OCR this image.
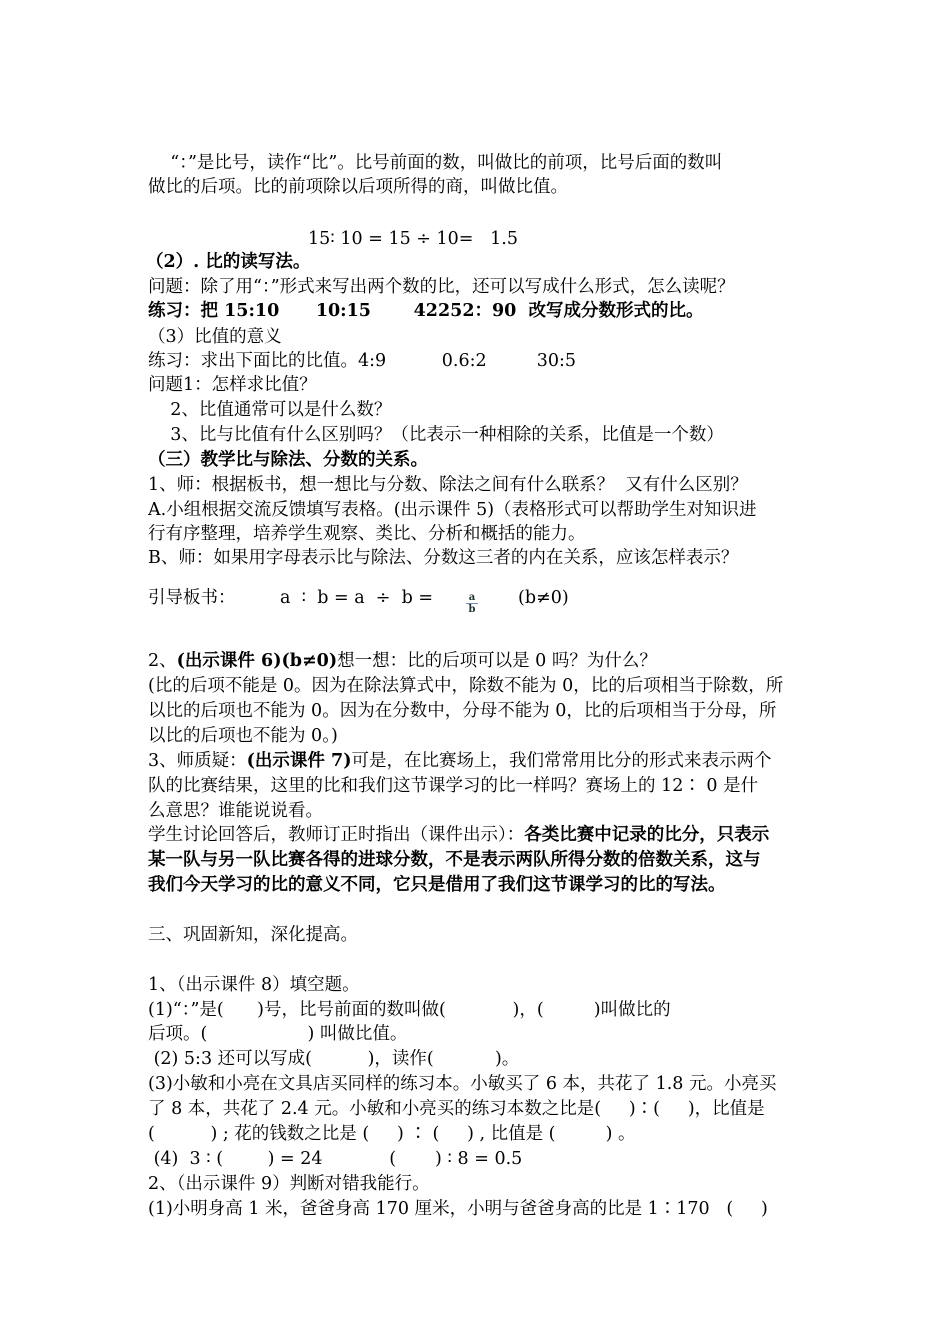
“：”是比号，读作“比”。比号前面的数，叫做比的前项，比号后面的数叫
做比的后项。比的前项除以后项所得的商，叫做比值。
15∶ 10 = 15 ÷ 10=   1.5
（2）. 比的读写法。
问题：除了用“：”形式来写出两个数的比，还可以写成什么形式，怎么读呢？
练习：把 15:10      10:15       42252：90  改写成分数形式的比。
（3）比值的意义
练习：求出下面比的比值。4:9          0.6:2         30:5
问题1：怎样求比值？
2、比值通常可以是什么数？
3、比与比值有什么区别吗？（比表示一种相除的关系，比值是一个数）
（三）教学比与除法、分数的关系。
1、师：根据板书，想一想比与分数、除法之间有什么联系？  又有什么区别？
A.小组根据交流反馈填写表格。(出示课件 5)（表格形式可以帮助学生对知识进
行有序整理，培养学生观察、类比、分析和概括的能力。
B、师：如果用字母表示比与除法、分数这三者的内在关系，应该怎样表示？
引导板书：        a  ∶  b = a  ÷  b =	$\frac{a}{b} (b\ne 0)$
2、(出示课件 6)(b≠0)想一想：比的后项可以是 0 吗？为什么？
(比的后项不能是 0。因为在除法算式中，除数不能为 0，比的后项相当于除数，所
以比的后项也不能为 0。因为在分数中，分母不能为 0，比的后项相当于分母，所
以比的后项也不能为 0。)
3、师质疑：(出示课件 7)可是，在比赛场上，我们常常用比分的形式来表示两个
队的比赛结果，这里的比和我们这节课学习的比一样吗？赛场上的 12∶ 0 是什
么意思？谁能说说看。
学生讨论回答后，教师订正时指出（课件出示）：各类比赛中记录的比分，只表示
某一队与另一队比赛各得的进球分数，不是表示两队所得分数的倍数关系，这与
我们今天学习的比的意义不同，它只是借用了我们这节课学习的比的写法。
三、巩固新知，深化提高。
1、（出示课件 8）填空题。
(1)“：”是(      )号，比号前面的数叫做(            )，(         )叫做比的
后项。(                  ) 叫做比值。
(2) 5:3 还可以写成(          )，读作(           )。
(3)小敏和小亮在文具店买同样的练习本。小敏买了 6 本，共花了 1.8 元。小亮买
了 8 本，共花了 2.4 元。小敏和小亮买的练习本数之比是(     )∶(     )，比值是
(          ) ; 花的钱数之比是 (     ) ∶ (     ) , 比值是 (         ) 。
(4)  3 ∶ (        ) = 24            (       ) ∶ 8 = 0.5
2、（出示课件 9）判断对错我能行。
(1)小明身高 1 米，爸爸身高 170 厘米，小明与爸爸身高的比是 1∶170   (     )
